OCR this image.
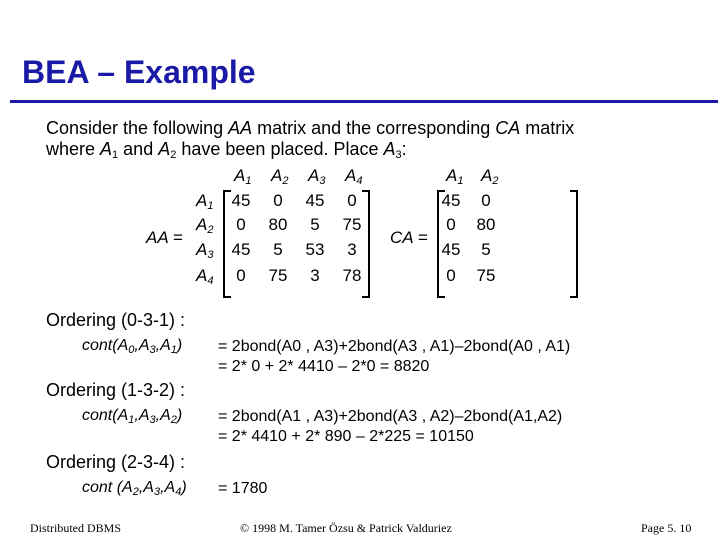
BEA – Example
Consider the following AA matrix and the corresponding CA matrix
where $A_1$ and $A_2$ have been placed. Place $A_3$:
AA =
$A_1$ $A_2$ $A_3$ $A_4$
$A_1$
$A_2$
$A_3$
$A_4$
45	0	45	0
0	80	5	75
45	5	53	3
0	75	3	78
CA =
$A_1$ $A_2$
45	0
0	80
45	5
0	75
Ordering (0-3-1) :
$cont(A_0,A_3,A_1)$ = 2bond(A0 , A3)+2bond(A3 , A1)–2bond(A0 , A1)
= 2* 0 + 2* 4410 – 2*0 = 8820
Ordering (1-3-2) :
$cont(A_1,A_3,A_2)$ = 2bond(A1 , A3)+2bond(A3 , A2)–2bond(A1,A2)
= 2* 4410 + 2* 890 – 2*225 = 10150
Ordering (2-3-4) :
cont $(A_2,A_3,A_4) = 1780$
Distributed DBMS	© 1998 M. Tamer Özsu & Patrick Valduriez	Page 5. 10
